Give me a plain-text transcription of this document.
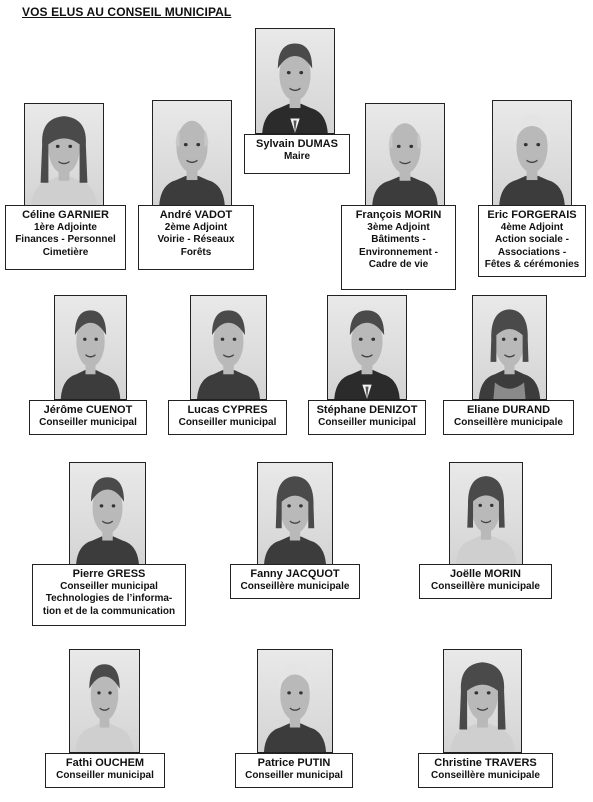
VOS ELUS AU CONSEIL MUNICIPAL
Sylvain DUMAS
Maire
Céline GARNIER
1ère Adjointe
Finances - Personnel
Cimetière
André VADOT
2ème Adjoint
Voirie - Réseaux
Forêts
François MORIN
3ème Adjoint
Bâtiments -
Environnement -
Cadre de vie
Eric FORGERAIS
4ème Adjoint
Action sociale -
Associations -
Fêtes & cérémonies
Jérôme CUENOT
Conseiller municipal
Lucas CYPRES
Conseiller municipal
Stéphane DENIZOT
Conseiller municipal
Eliane DURAND
Conseillère municipale
Pierre GRESS
Conseiller municipal
Technologies de l’informa-
tion et de la communication
Fanny JACQUOT
Conseillère municipale
Joëlle MORIN
Conseillère municipale
Fathi OUCHEM
Conseiller municipal
Patrice PUTIN
Conseiller municipal
Christine TRAVERS
Conseillère municipale
